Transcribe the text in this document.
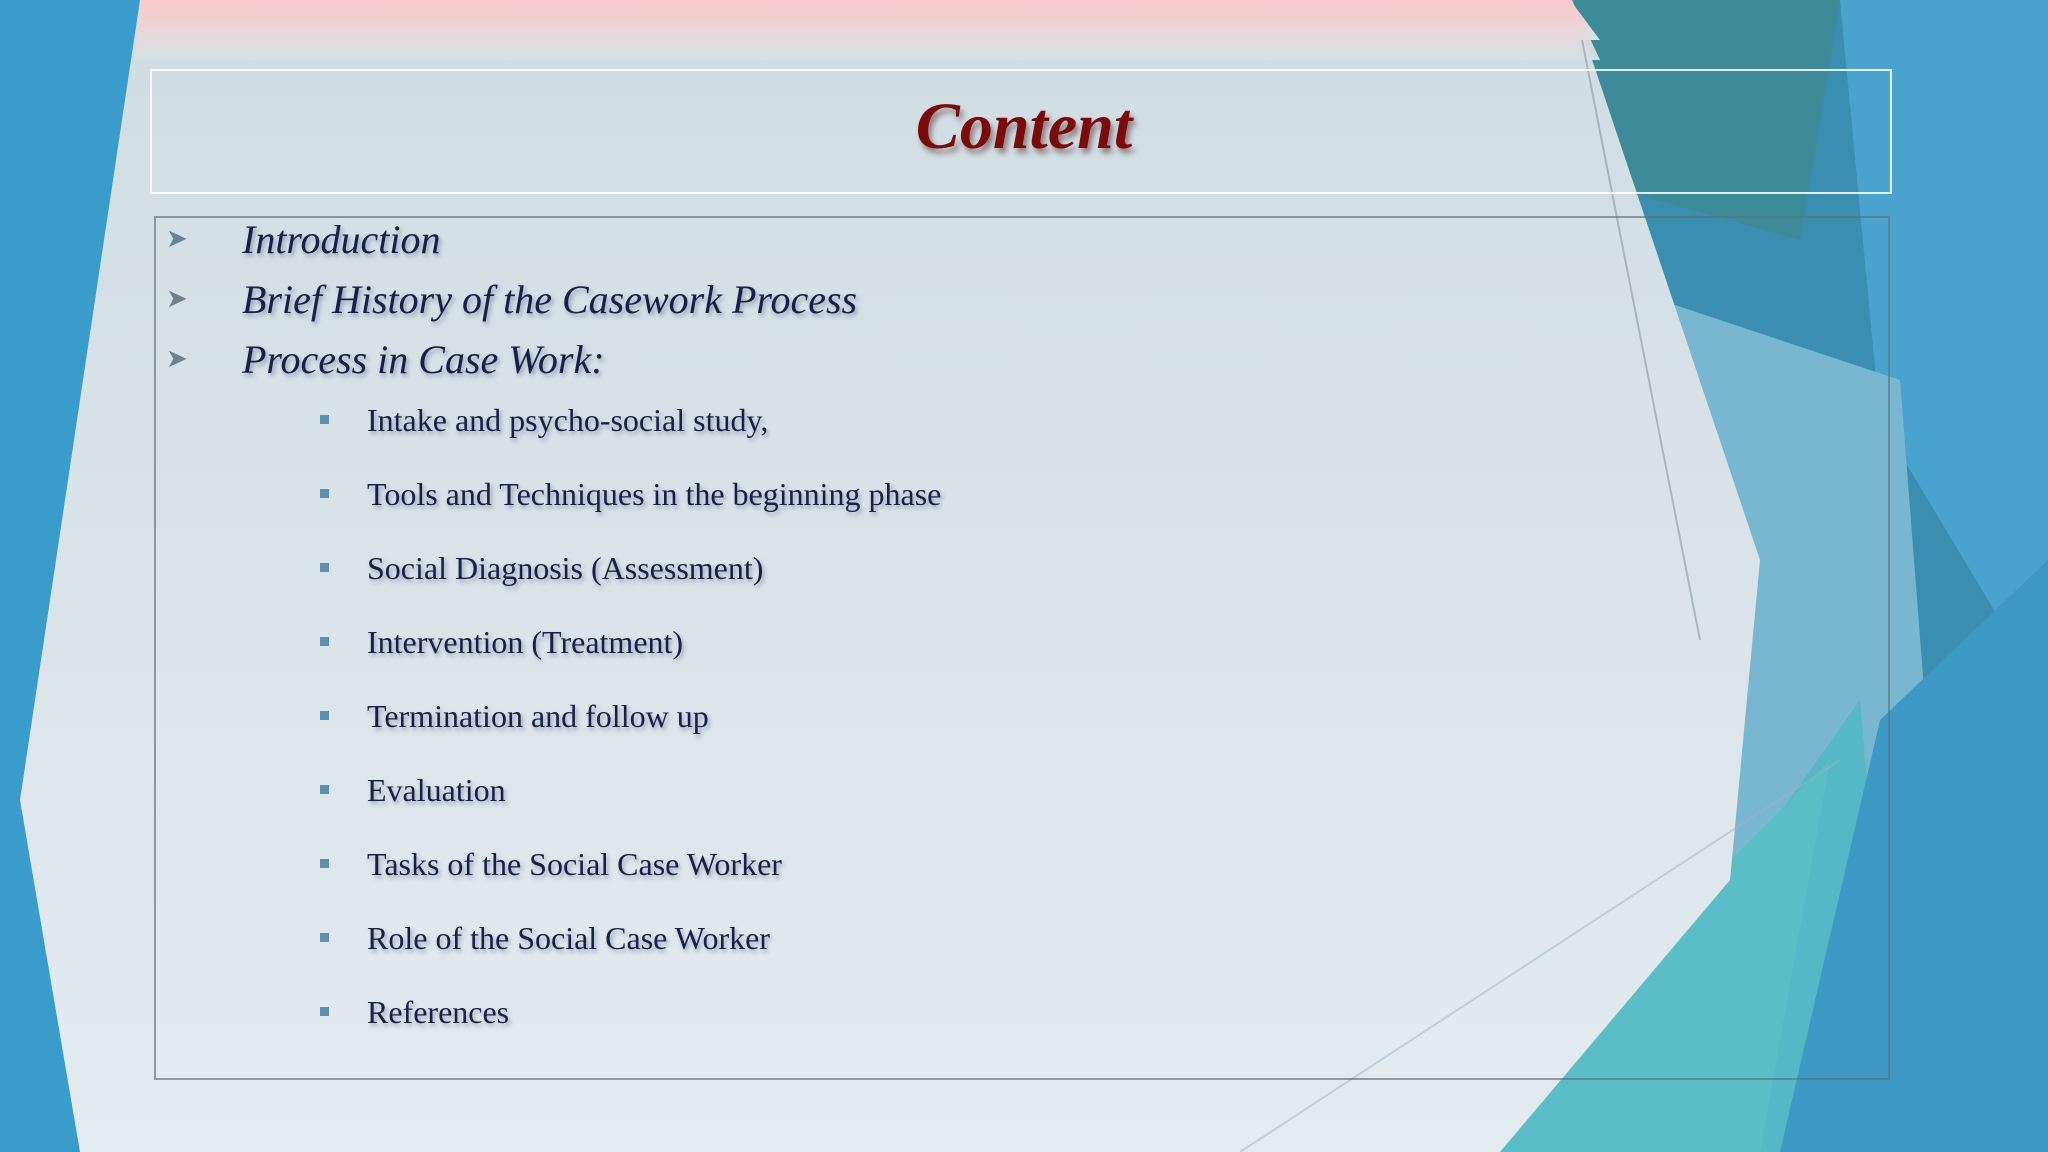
Content
➤ Introduction
➤ Brief History of the Casework Process
➤ Process in Case Work:
Intake and psycho-social study,
Tools and Techniques in the beginning phase
Social Diagnosis (Assessment)
Intervention (Treatment)
Termination and follow up
Evaluation
Tasks of the Social Case Worker
Role of the Social Case Worker
References
